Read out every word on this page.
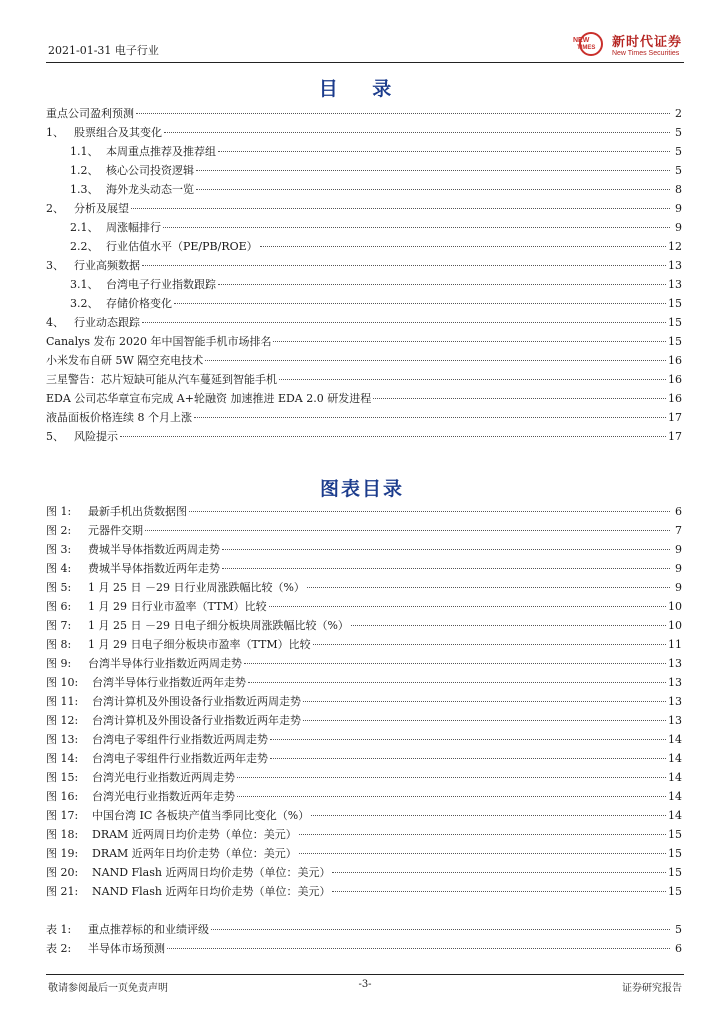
2021-01-31 电子行业
NEW
TIMES 新时代证券
New Times Securities
目 录
重点公司盈利预测	2
1、 股票组合及其变化	5
1.1、 本周重点推荐及推荐组	5
1.2、 核心公司投资逻辑	5
1.3、 海外龙头动态一览	8
2、 分析及展望	9
2.1、 周涨幅排行	9
2.2、 行业估值水平（PE/PB/ROE）	12
3、 行业高频数据	13
3.1、 台湾电子行业指数跟踪	13
3.2、 存储价格变化	15
4、 行业动态跟踪	15
Canalys 发布 2020 年中国智能手机市场排名	15
小米发布自研 5W 隔空充电技术	16
三星警告：芯片短缺可能从汽车蔓延到智能手机	16
EDA 公司芯华章宣布完成 A+轮融资 加速推进 EDA 2.0 研发进程	16
液晶面板价格连续 8 个月上涨	17
5、 风险提示	17
图表目录
图 1:	最新手机出货数据图	6
图 2:	元器件交期	7
图 3:	费城半导体指数近两周走势	9
图 4:	费城半导体指数近两年走势	9
图 5:	1 月 25 日 －29 日行业周涨跌幅比较（%）	9
图 6:	1 月 29 日行业市盈率（TTM）比较	10
图 7:	1 月 25 日 －29 日电子细分板块周涨跌幅比较（%）	10
图 8:	1 月 29 日电子细分板块市盈率（TTM）比较	11
图 9:	台湾半导体行业指数近两周走势	13
图 10:	台湾半导体行业指数近两年走势	13
图 11:	台湾计算机及外围设备行业指数近两周走势	13
图 12:	台湾计算机及外围设备行业指数近两年走势	13
图 13:	台湾电子零组件行业指数近两周走势	14
图 14:	台湾电子零组件行业指数近两年走势	14
图 15:	台湾光电行业指数近两周走势	14
图 16:	台湾光电行业指数近两年走势	14
图 17:	中国台湾 IC 各板块产值当季同比变化（%）	14
图 18:	DRAM 近两周日均价走势（单位：美元）	15
图 19:	DRAM 近两年日均价走势（单位：美元）	15
图 20:	NAND Flash 近两周日均价走势（单位：美元）	15
图 21:	NAND Flash 近两年日均价走势（单位：美元）	15
表 1:	重点推荐标的和业绩评级	5
表 2:	半导体市场预测	6
敬请参阅最后一页免责声明	-3-	证券研究报告
